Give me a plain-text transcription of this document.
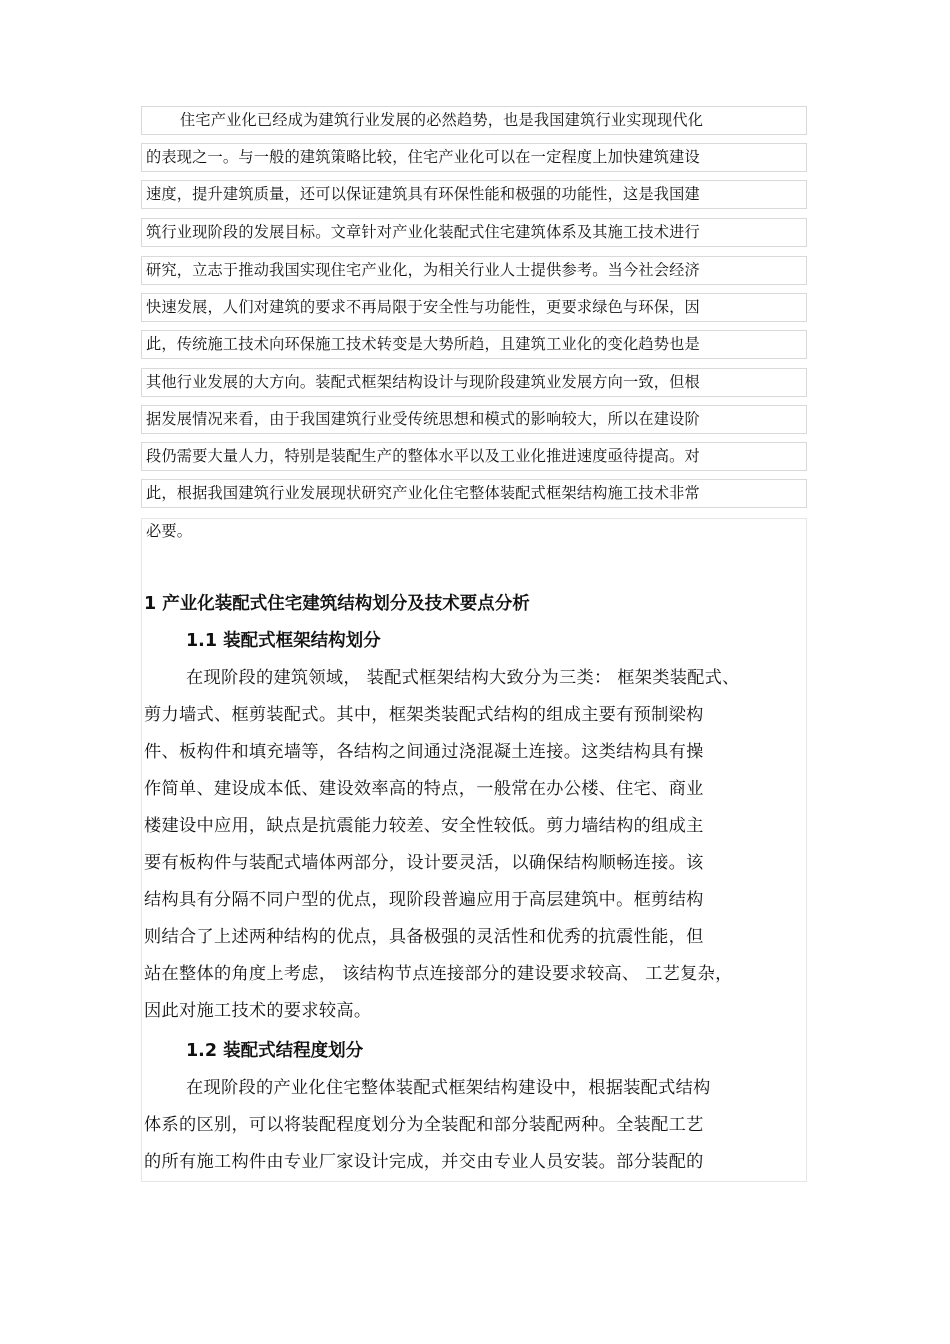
住宅产业化已经成为建筑行业发展的必然趋势，也是我国建筑行业实现现代化
的表现之一。与一般的建筑策略比较，住宅产业化可以在一定程度上加快建筑建设
速度，提升建筑质量，还可以保证建筑具有环保性能和极强的功能性，这是我国建
筑行业现阶段的发展目标。文章针对产业化装配式住宅建筑体系及其施工技术进行
研究，立志于推动我国实现住宅产业化，为相关行业人士提供参考。当今社会经济
快速发展，人们对建筑的要求不再局限于安全性与功能性，更要求绿色与环保，因
此，传统施工技术向环保施工技术转变是大势所趋，且建筑工业化的变化趋势也是
其他行业发展的大方向。装配式框架结构设计与现阶段建筑业发展方向一致，但根
据发展情况来看，由于我国建筑行业受传统思想和模式的影响较大，所以在建设阶
段仍需要大量人力，特别是装配生产的整体水平以及工业化推进速度亟待提高。对
此，根据我国建筑行业发展现状研究产业化住宅整体装配式框架结构施工技术非常
必要。
1 产业化装配式住宅建筑结构划分及技术要点分析
1.1 装配式框架结构划分
在现阶段的建筑领域， 装配式框架结构大致分为三类： 框架类装配式、
剪力墙式、框剪装配式。其中，框架类装配式结构的组成主要有预制梁构
件、板构件和填充墙等，各结构之间通过浇混凝土连接。这类结构具有操
作简单、建设成本低、建设效率高的特点，一般常在办公楼、住宅、商业
楼建设中应用，缺点是抗震能力较差、安全性较低。剪力墙结构的组成主
要有板构件与装配式墙体两部分，设计要灵活，以确保结构顺畅连接。该
结构具有分隔不同户型的优点，现阶段普遍应用于高层建筑中。框剪结构
则结合了上述两种结构的优点，具备极强的灵活性和优秀的抗震性能，但
站在整体的角度上考虑， 该结构节点连接部分的建设要求较高、 工艺复杂，
因此对施工技术的要求较高。
1.2 装配式结程度划分
在现阶段的产业化住宅整体装配式框架结构建设中，根据装配式结构
体系的区别，可以将装配程度划分为全装配和部分装配两种。全装配工艺
的所有施工构件由专业厂家设计完成，并交由专业人员安装。部分装配的
